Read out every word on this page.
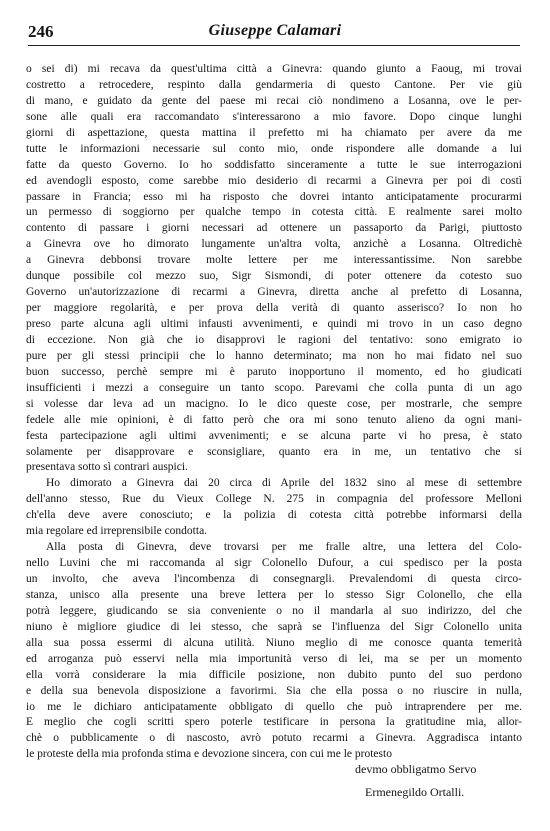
246	Giuseppe Calamari
o sei di) mi recava da quest'ultima città a Ginevra: quando giunto a Faoug, mi trovai
costretto a retrocedere, respinto dalla gendarmeria di questo Cantone. Per vie giù
di mano, e guidato da gente del paese mi recai ciò nondimeno a Losanna, ove le per-
sone alle quali era raccomandato s'interessarono a mio favore. Dopo cinque lunghi
giorni di aspettazione, questa mattina il prefetto mi ha chiamato per avere da me
tutte le informazioni necessarie sul conto mio, onde rispondere alle domande a lui
fatte da questo Governo. Io ho soddisfatto sinceramente a tutte le sue interrogazioni
ed avendogli esposto, come sarebbe mio desiderio di recarmi a Ginevra per poi di costì
passare in Francia; esso mi ha risposto che dovrei intanto anticipatamente procurarmi
un permesso di soggiorno per qualche tempo in cotesta città. E realmente sarei molto
contento di passare i giorni necessari ad ottenere un passaporto da Parigi, piuttosto
a Ginevra ove ho dimorato lungamente un'altra volta, anzichè a Losanna. Oltredichè
a Ginevra debbonsi trovare molte lettere per me interessantissime. Non sarebbe
dunque possibile col mezzo suo, Sigr Sismondi, di poter ottenere da cotesto suo
Governo un'autorizzazione di recarmi a Ginevra, diretta anche al prefetto di Losanna,
per maggiore regolarità, e per prova della verità di quanto asserisco? Io non ho
preso parte alcuna agli ultimi infausti avvenimenti, e quindi mi trovo in un caso degno
di eccezione. Non già che io disapprovi le ragioni del tentativo: sono emigrato io
pure per gli stessi principii che lo hanno determinato; ma non ho mai fidato nel suo
buon successo, perchè sempre mi è paruto inopportuno il momento, ed ho giudicati
insufficienti i mezzi a conseguire un tanto scopo. Parevami che colla punta di un ago
si volesse dar leva ad un macigno. Io le dico queste cose, per mostrarle, che sempre
fedele alle mie opinioni, è di fatto però che ora mi sono tenuto alieno da ogni mani-
festa partecipazione agli ultimi avvenimenti; e se alcuna parte vi ho presa, è stato
solamente per disapprovare e sconsigliare, quanto era in me, un tentativo che si
presentava sotto sì contrari auspici.
Ho dimorato a Ginevra dai 20 circa di Aprile del 1832 sino al mese di settembre
dell'anno stesso, Rue du Vieux College N. 275 in compagnia del professore Melloni
ch'ella deve avere conosciuto; e la polizia di cotesta città potrebbe informarsi della
mia regolare ed irreprensibile condotta.
Alla posta di Ginevra, deve trovarsi per me fralle altre, una lettera del Colo-
nello Luvini che mi raccomanda al sigr Colonello Dufour, a cui spedisco per la posta
un involto, che aveva l'incombenza di consegnargli. Prevalendomi di questa circo-
stanza, unisco alla presente una breve lettera per lo stesso Sigr Colonello, che ella
potrà leggere, giudicando se sia conveniente o no il mandarla al suo indirizzo, del che
niuno è migliore giudice di lei stesso, che saprà se l'influenza del Sigr Colonello unita
alla sua possa essermi di alcuna utilità. Niuno meglio di me conosce quanta temerità
ed arroganza può esservi nella mia importunità verso di lei, ma se per un momento
ella vorrà considerare la mia difficile posizione, non dubito punto del suo perdono
e della sua benevola disposizione a favorirmi. Sia che ella possa o no riuscire in nulla,
io me le dichiaro anticipatamente obbligato di quello che può intraprendere per me.
E meglio che cogli scritti spero poterle testificare in persona la gratitudine mia, allor-
chè o pubblicamente o di nascosto, avrò potuto recarmi a Ginevra. Aggradisca intanto
le proteste della mia profonda stima e devozione sincera, con cui me le protesto
devmo obbligatmo Servo
Ermenegildo Ortalli.
